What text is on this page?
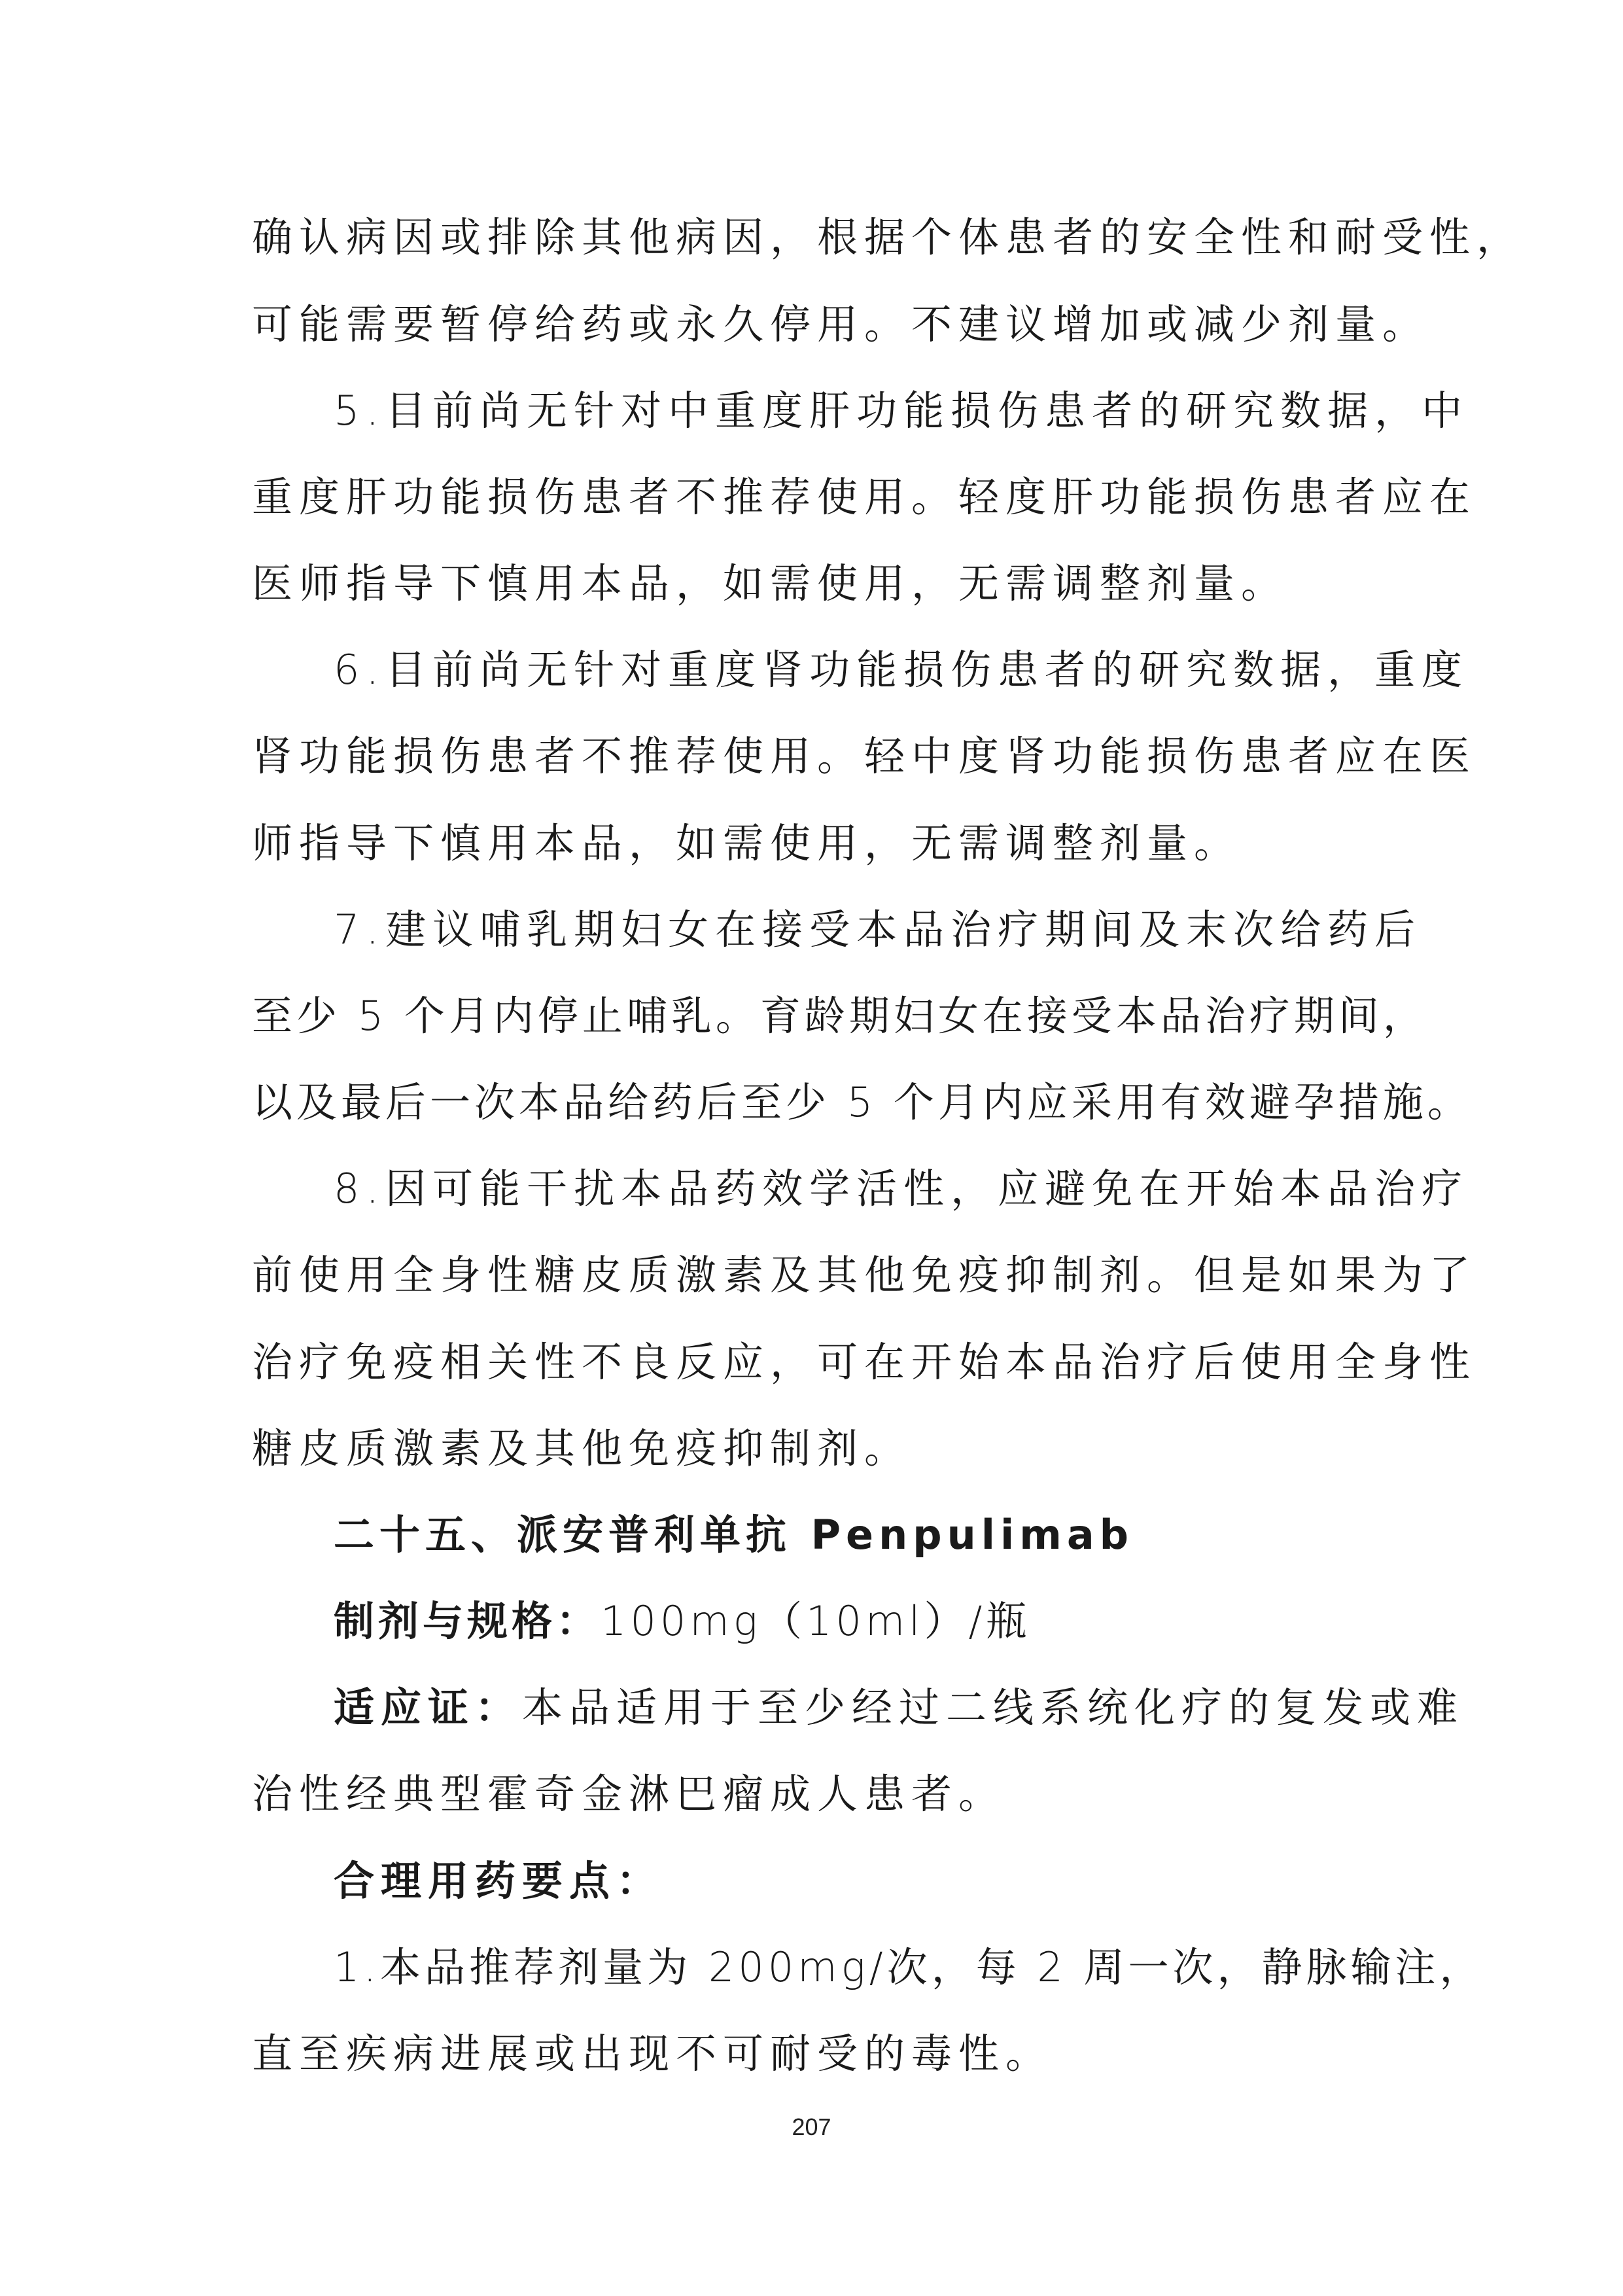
确认病因或排除其他病因，根据个体患者的安全性和耐受性，
可能需要暂停给药或永久停用。不建议增加或减少剂量。
5.目前尚无针对中重度肝功能损伤患者的研究数据，中
重度肝功能损伤患者不推荐使用。轻度肝功能损伤患者应在
医师指导下慎用本品，如需使用，无需调整剂量。
6.目前尚无针对重度肾功能损伤患者的研究数据，重度
肾功能损伤患者不推荐使用。轻中度肾功能损伤患者应在医
师指导下慎用本品，如需使用，无需调整剂量。
7.建议哺乳期妇女在接受本品治疗期间及末次给药后
至少 5 个月内停止哺乳。育龄期妇女在接受本品治疗期间，
以及最后一次本品给药后至少 5 个月内应采用有效避孕措施。
8.因可能干扰本品药效学活性，应避免在开始本品治疗
前使用全身性糖皮质激素及其他免疫抑制剂。但是如果为了
治疗免疫相关性不良反应，可在开始本品治疗后使用全身性
糖皮质激素及其他免疫抑制剂。
二十五、派安普利单抗 Penpulimab
制剂与规格：100mg（10ml）/瓶
适应证：本品适用于至少经过二线系统化疗的复发或难
治性经典型霍奇金淋巴瘤成人患者。
合理用药要点：
1.本品推荐剂量为 200mg/次，每 2 周一次，静脉输注，
直至疾病进展或出现不可耐受的毒性。
207
